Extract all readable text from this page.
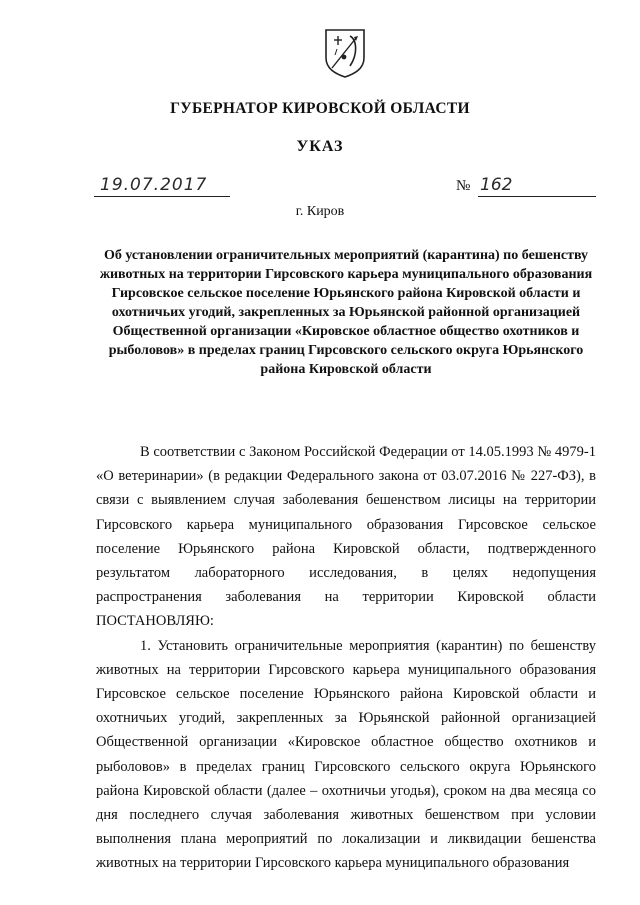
ГУБЕРНАТОР КИРОВСКОЙ ОБЛАСТИ
УКАЗ
19.07.2017	№ 162
г. Киров

Об установлении ограничительных мероприятий (карантина) по бешенству животных на территории Гирсовского карьера муниципального образования Гирсовское сельское поселение Юрьянского района Кировской области и охотничьих угодий, закрепленных за Юрьянской районной организацией Общественной организации «Кировское областное общество охотников и рыболовов» в пределах границ Гирсовского сельского округа Юрьянского района Кировской области

В соответствии с Законом Российской Федерации от 14.05.1993 № 4979-1 «О ветеринарии» (в редакции Федерального закона от 03.07.2016 № 227-ФЗ), в связи с выявлением случая заболевания бешенством лисицы на территории Гирсовского карьера муниципального образования Гирсовское сельское поселение Юрьянского района Кировской области, подтвержденного результатом лабораторного исследования, в целях недопущения распространения заболевания на территории Кировской области ПОСТАНОВЛЯЮ:

1. Установить ограничительные мероприятия (карантин) по бешенству животных на территории Гирсовского карьера муниципального образования Гирсовское сельское поселение Юрьянского района Кировской области и охотничьих угодий, закрепленных за Юрьянской районной организацией Общественной организации «Кировское областное общество охотников и рыболовов» в пределах границ Гирсовского сельского округа Юрьянского района Кировской области (далее – охотничьи угодья), сроком на два месяца со дня последнего случая заболевания животных бешенством при условии выполнения плана мероприятий по локализации и ликвидации бешенства животных на территории Гирсовского карьера муниципального образования
